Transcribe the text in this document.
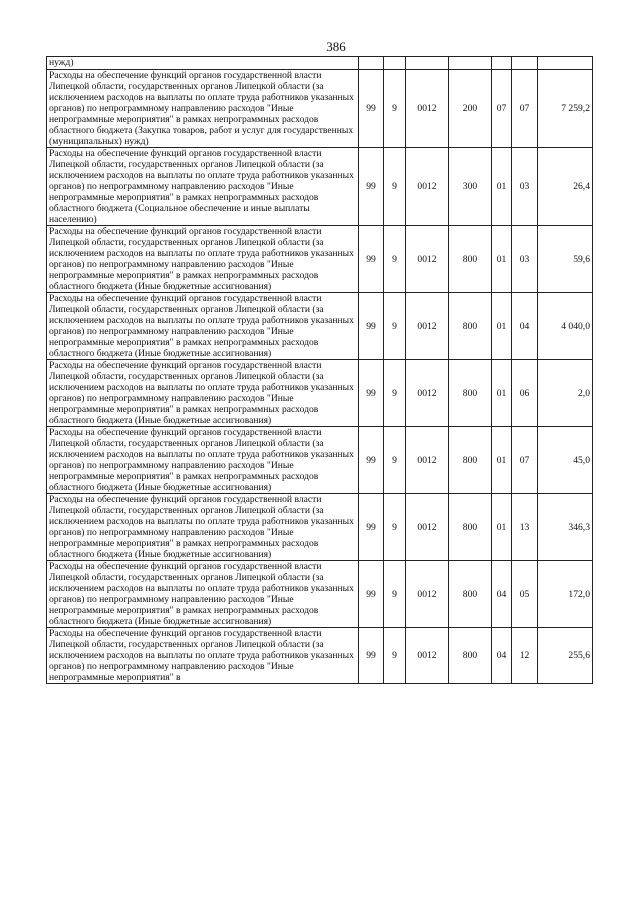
386
нужд)							
Расходы на обеспечение функций органов государственной власти Липецкой области, государственных органов Липецкой области (за исключением расходов на выплаты по оплате труда работников указанных органов) по непрограммному направлению расходов "Иные непрограммные мероприятия" в рамках непрограммных расходов областного бюджета (Закупка товаров, работ и услуг для государственных (муниципальных) нужд)	99	9	0012	200	07	07	7 259,2
Расходы на обеспечение функций органов государственной власти Липецкой области, государственных органов Липецкой области (за исключением расходов на выплаты по оплате труда работников указанных органов) по непрограммному направлению расходов "Иные непрограммные мероприятия" в рамках непрограммных расходов областного бюджета (Социальное обеспечение и иные выплаты населению)	99	9	0012	300	01	03	26,4
Расходы на обеспечение функций органов государственной власти Липецкой области, государственных органов Липецкой области (за исключением расходов на выплаты по оплате труда работников указанных органов) по непрограммному направлению расходов "Иные непрограммные мероприятия" в рамках непрограммных расходов областного бюджета (Иные бюджетные ассигнования)	99	9	0012	800	01	03	59,6
Расходы на обеспечение функций органов государственной власти Липецкой области, государственных органов Липецкой области (за исключением расходов на выплаты по оплате труда работников указанных органов) по непрограммному направлению расходов "Иные непрограммные мероприятия" в рамках непрограммных расходов областного бюджета (Иные бюджетные ассигнования)	99	9	0012	800	01	04	4 040,0
Расходы на обеспечение функций органов государственной власти Липецкой области, государственных органов Липецкой области (за исключением расходов на выплаты по оплате труда работников указанных органов) по непрограммному направлению расходов "Иные непрограммные мероприятия" в рамках непрограммных расходов областного бюджета (Иные бюджетные ассигнования)	99	9	0012	800	01	06	2,0
Расходы на обеспечение функций органов государственной власти Липецкой области, государственных органов Липецкой области (за исключением расходов на выплаты по оплате труда работников указанных органов) по непрограммному направлению расходов "Иные непрограммные мероприятия" в рамках непрограммных расходов областного бюджета (Иные бюджетные ассигнования)	99	9	0012	800	01	07	45,0
Расходы на обеспечение функций органов государственной власти Липецкой области, государственных органов Липецкой области (за исключением расходов на выплаты по оплате труда работников указанных органов) по непрограммному направлению расходов "Иные непрограммные мероприятия" в рамках непрограммных расходов областного бюджета (Иные бюджетные ассигнования)	99	9	0012	800	01	13	346,3
Расходы на обеспечение функций органов государственной власти Липецкой области, государственных органов Липецкой области (за исключением расходов на выплаты по оплате труда работников указанных органов) по непрограммному направлению расходов "Иные непрограммные мероприятия" в рамках непрограммных расходов областного бюджета (Иные бюджетные ассигнования)	99	9	0012	800	04	05	172,0
Расходы на обеспечение функций органов государственной власти Липецкой области, государственных органов Липецкой области (за исключением расходов на выплаты по оплате труда работников указанных органов) по непрограммному направлению расходов "Иные непрограммные мероприятия" в	99	9	0012	800	04	12	255,6
